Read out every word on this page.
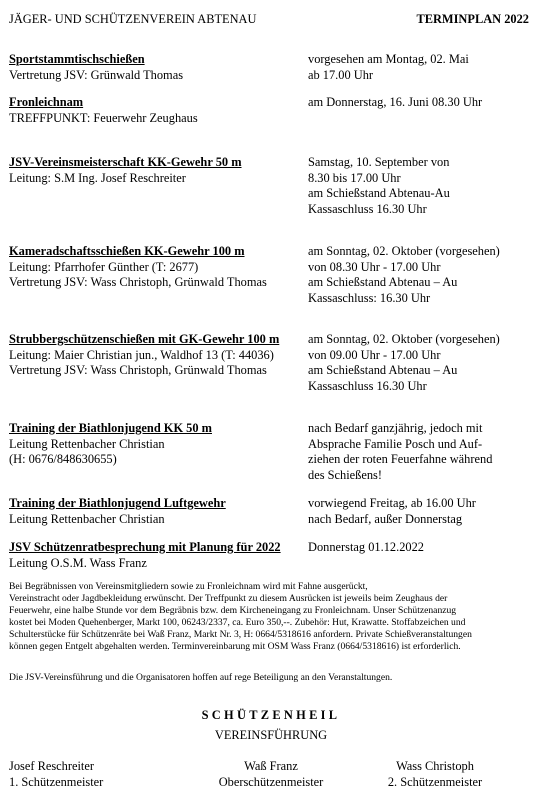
JÄGER- UND SCHÜTZENVEREIN ABTENAU	TERMINPLAN 2022
Sportstammtischschießen
Vertretung JSV: Grünwald Thomas
vorgesehen am Montag, 02. Mai
ab 17.00 Uhr
Fronleichnam
TREFFPUNKT: Feuerwehr Zeughaus
am Donnerstag, 16. Juni 08.30 Uhr
JSV-Vereinsmeisterschaft KK-Gewehr 50 m
Leitung: S.M Ing. Josef Reschreiter
Samstag, 10. September von
8.30 bis 17.00 Uhr
am Schießstand Abtenau-Au
Kassaschluss 16.30 Uhr
Kameradschaftsschießen KK-Gewehr 100 m
Leitung: Pfarrhofer Günther (T: 2677)
Vertretung JSV: Wass Christoph, Grünwald Thomas
am Sonntag, 02. Oktober (vorgesehen)
von 08.30 Uhr - 17.00 Uhr
am Schießstand Abtenau – Au
Kassaschluss: 16.30 Uhr
Strubbergschützenschießen mit GK-Gewehr 100 m
Leitung: Maier Christian jun., Waldhof 13 (T: 44036)
Vertretung JSV: Wass Christoph, Grünwald Thomas
am Sonntag, 02. Oktober (vorgesehen)
von 09.00 Uhr - 17.00 Uhr
am Schießstand Abtenau – Au
Kassaschluss 16.30 Uhr
Training der Biathlonjugend KK 50 m
Leitung Rettenbacher Christian
(H: 0676/848630655)
nach Bedarf ganzjährig, jedoch mit
Absprache Familie Posch und Auf-
ziehen der roten Feuerfahne während
des Schießens!
Training der Biathlonjugend Luftgewehr
Leitung Rettenbacher Christian
vorwiegend Freitag, ab 16.00 Uhr
nach Bedarf, außer Donnerstag
JSV Schützenratbesprechung mit Planung für 2022
Leitung O.S.M. Wass Franz
Donnerstag 01.12.2022
Bei Begräbnissen von Vereinsmitgliedern sowie zu Fronleichnam wird mit Fahne ausgerückt,
Vereinstracht oder Jagdbekleidung erwünscht. Der Treffpunkt zu diesem Ausrücken ist jeweils beim Zeughaus der
Feuerwehr, eine halbe Stunde vor dem Begräbnis bzw. dem Kircheneingang zu Fronleichnam. Unser Schützenanzug
kostet bei Moden Quehenberger, Markt 100, 06243/2337, ca. Euro 350,--. Zubehör: Hut, Krawatte. Stoffabzeichen und
Schulterstücke für Schützenräte bei Waß Franz, Markt Nr. 3, H: 0664/5318616 anfordern. Private Schießveranstaltungen
können gegen Entgelt abgehalten werden. Terminvereinbarung mit OSM Wass Franz (0664/5318616) ist erforderlich.
Die JSV-Vereinsführung und die Organisatoren hoffen auf rege Beteiligung an den Veranstaltungen.
SCHÜTZENHEIL
VEREINSFÜHRUNG
Josef Reschreiter
1. Schützenmeister
Waß Franz
Oberschützenmeister
Wass Christoph
2. Schützenmeister
